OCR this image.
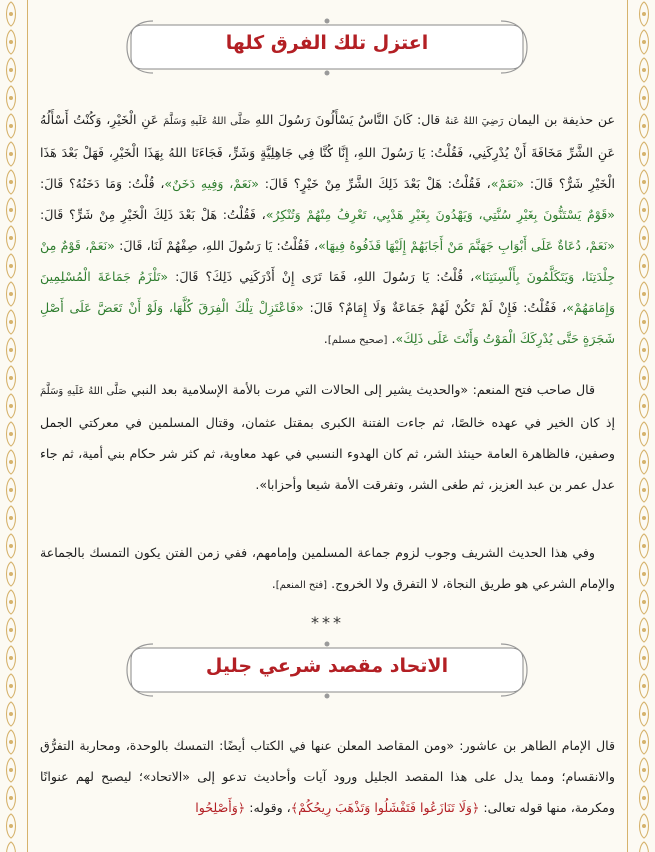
اعتزل تلك الفرق كلها
عن حذيفة بن اليمان رَضِيَ اللهُ عَنهُ قال: كَانَ النَّاسُ يَسْأَلُونَ رَسُولَ اللهِ صَلَّى اللهُ عَلَيهِ وَسَلَّمَ عَنِ الْخَيْرِ، وَكُنْتُ أَسْأَلُهُ عَنِ الشَّرِّ مَخَافَةَ أَنْ يُدْرِكَنِي، فَقُلْتُ: يَا رَسُولَ اللهِ، إِنَّا كُنَّا فِي جَاهِلِيَّةٍ وَشَرٍّ، فَجَاءَنَا اللهُ بِهَذَا الْخَيْرِ، فَهَلْ بَعْدَ هَذَا الْخَيْرِ شَرٌّ؟ قَالَ: «نَعَمْ»، فَقُلْتُ: هَلْ بَعْدَ ذَلِكَ الشَّرِّ مِنْ خَيْرٍ؟ قَالَ: «نَعَمْ، وَفِيهِ دَخَنٌ»، قُلْتُ: وَمَا دَخَنُهُ؟ قَالَ: «قَوْمٌ يَسْتَنُّونَ بِغَيْرِ سُنَّتِي، وَيَهْدُونَ بِغَيْرِ هَدْيِي، تَعْرِفُ مِنْهُمْ وَتُنْكِرُ»، فَقُلْتُ: هَلْ بَعْدَ ذَلِكَ الْخَيْرِ مِنْ شَرٍّ؟ قَالَ: «نَعَمْ، دُعَاةٌ عَلَى أَبْوَابِ جَهَنَّمَ مَنْ أَجَابَهُمْ إِلَيْهَا قَذَفُوهُ فِيهَا»، فَقُلْتُ: يَا رَسُولَ اللهِ، صِفْهُمْ لَنَا، قَالَ: «نَعَمْ، قَوْمٌ مِنْ جِلْدَتِنَا، وَيَتَكَلَّمُونَ بِأَلْسِنَتِنَا»، قُلْتُ: يَا رَسُولَ اللهِ، فَمَا تَرَى إِنْ أَدْرَكَنِي ذَلِكَ؟ قَالَ: «تَلْزَمُ جَمَاعَةَ الْمُسْلِمِينَ وَإِمَامَهُمْ»، فَقُلْتُ: فَإِنْ لَمْ تَكُنْ لَهُمْ جَمَاعَةٌ وَلَا إِمَامٌ؟ قَالَ: «فَاعْتَزِلْ تِلْكَ الْفِرَقَ كُلَّهَا، وَلَوْ أَنْ تَعَضَّ عَلَى أَصْلِ شَجَرَةٍ حَتَّى يُدْرِكَكَ الْمَوْتُ وَأَنْتَ عَلَى ذَلِكَ». [صحيح مسلم].
قال صاحب فتح المنعم: «والحديث يشير إلى الحالات التي مرت بالأمة الإسلامية بعد النبي صَلَّى اللهُ عَلَيهِ وَسَلَّمَ إذ كان الخير في عهده خالصًا، ثم جاءت الفتنة الكبرى بمقتل عثمان، وقتال المسلمين في معركتي الجمل وصفين، فالظاهرة العامة حينئذ الشر، ثم كان الهدوء النسبي في عهد معاوية، ثم كثر شر حكام بني أمية، ثم جاء عدل عمر بن عبد العزيز، ثم طغى الشر، وتفرقت الأمة شيعا وأحزابا».
وفي هذا الحديث الشريف وجوب لزوم جماعة المسلمين وإمامهم، ففي زمن الفتن يكون التمسك بالجماعة والإمام الشرعي هو طريق النجاة، لا التفرق ولا الخروج. [فتح المنعم].
***
الاتحاد مقصد شرعي جليل
قال الإمام الطاهر بن عاشور: «ومن المقاصد المعلن عنها في الكتاب أيضًا: التمسك بالوحدة، ومحاربة التفرُّق والانقسام؛ ومما يدل على هذا المقصد الجليل ورود آيات وأحاديث تدعو إلى «الاتحاد»؛ ليصبح لهم عنوانًا ومكرمة، منها قوله تعالى: ﴿وَلَا تَنَازَعُوا فَتَفْشَلُوا وَتَذْهَبَ رِيحُكُمْ﴾، وقوله: ﴿وَأَصْلِحُوا
